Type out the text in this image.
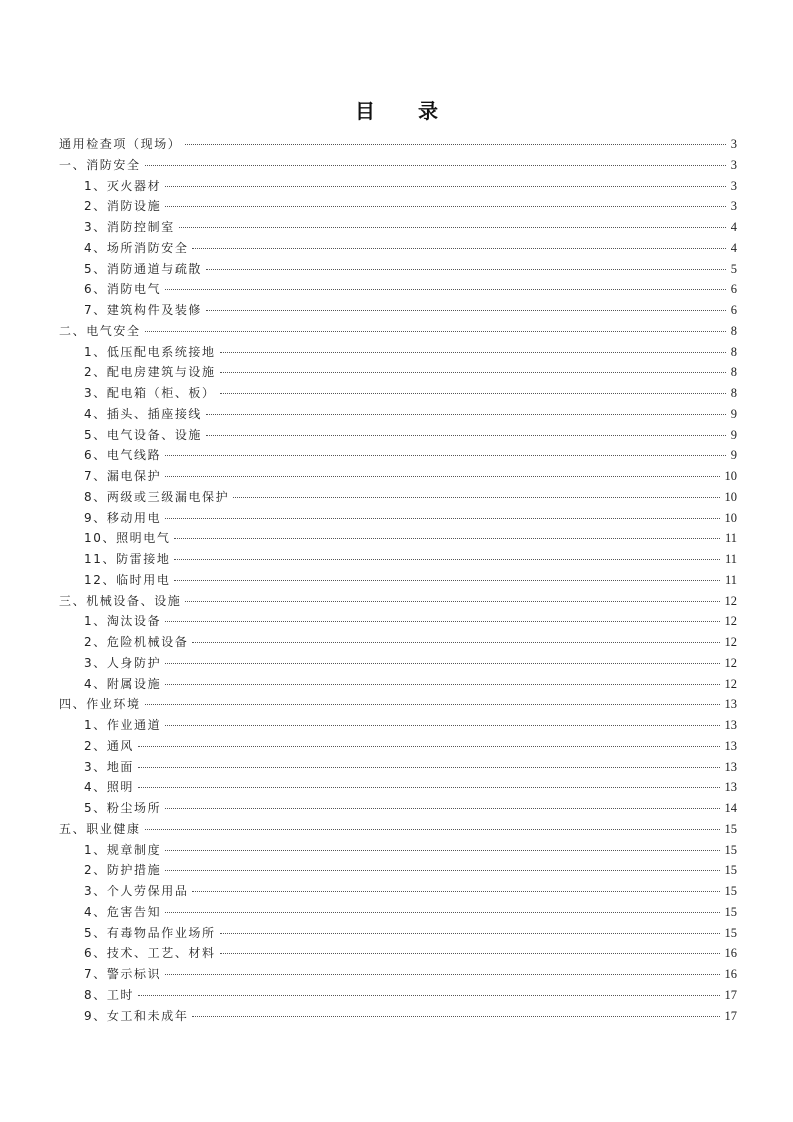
目 录
通用检查项（现场）	3
一、消防安全	3
1、灭火器材	3
2、消防设施	3
3、消防控制室	4
4、场所消防安全	4
5、消防通道与疏散	5
6、消防电气	6
7、建筑构件及装修	6
二、电气安全	8
1、低压配电系统接地	8
2、配电房建筑与设施	8
3、配电箱（柜、板）	8
4、插头、插座接线	9
5、电气设备、设施	9
6、电气线路	9
7、漏电保护	10
8、两级或三级漏电保护	10
9、移动用电	10
10、照明电气	11
11、防雷接地	11
12、临时用电	11
三、机械设备、设施	12
1、淘汰设备	12
2、危险机械设备	12
3、人身防护	12
4、附属设施	12
四、作业环境	13
1、作业通道	13
2、通风	13
3、地面	13
4、照明	13
5、粉尘场所	14
五、职业健康	15
1、规章制度	15
2、防护措施	15
3、个人劳保用品	15
4、危害告知	15
5、有毒物品作业场所	15
6、技术、工艺、材料	16
7、警示标识	16
8、工时	17
9、女工和未成年	17
